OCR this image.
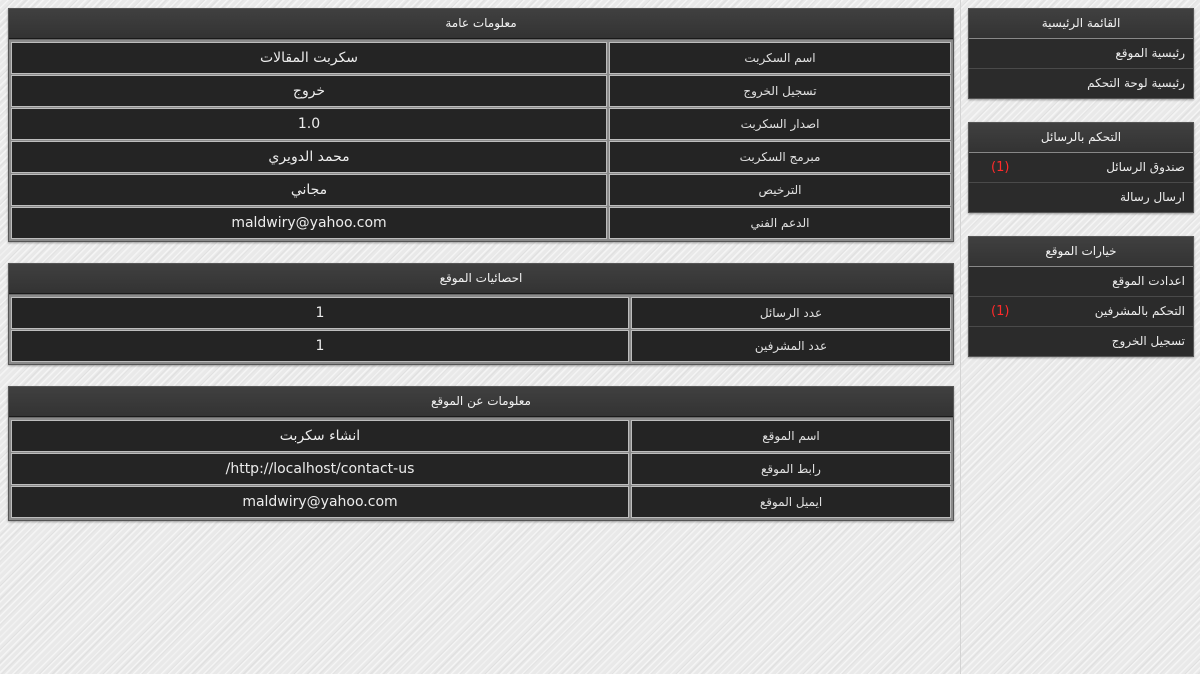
معلومات عامة
سكربت المقالات	اسم السكربت
خروج	تسجيل الخروج
1.0	اصدار السكربت
محمد الدويري	مبرمج السكربت
مجاني	الترخيص
maldwiry@yahoo.com	الدعم الفني
احصائيات الموقع
1	عدد الرسائل
1	عدد المشرفين
معلومات عن الموقع
انشاء سكربت	اسم الموقع
/http://localhost/contact-us	رابط الموقع
maldwiry@yahoo.com	ايميل الموقع
القائمة الرئيسية
رئيسية الموقع
رئيسية لوحة التحكم
التحكم بالرسائل
صندوق الرسائل
(1)
ارسال رسالة
خيارات الموقع
اعدادت الموقع
التحكم بالمشرفين
(1)
تسجيل الخروج
